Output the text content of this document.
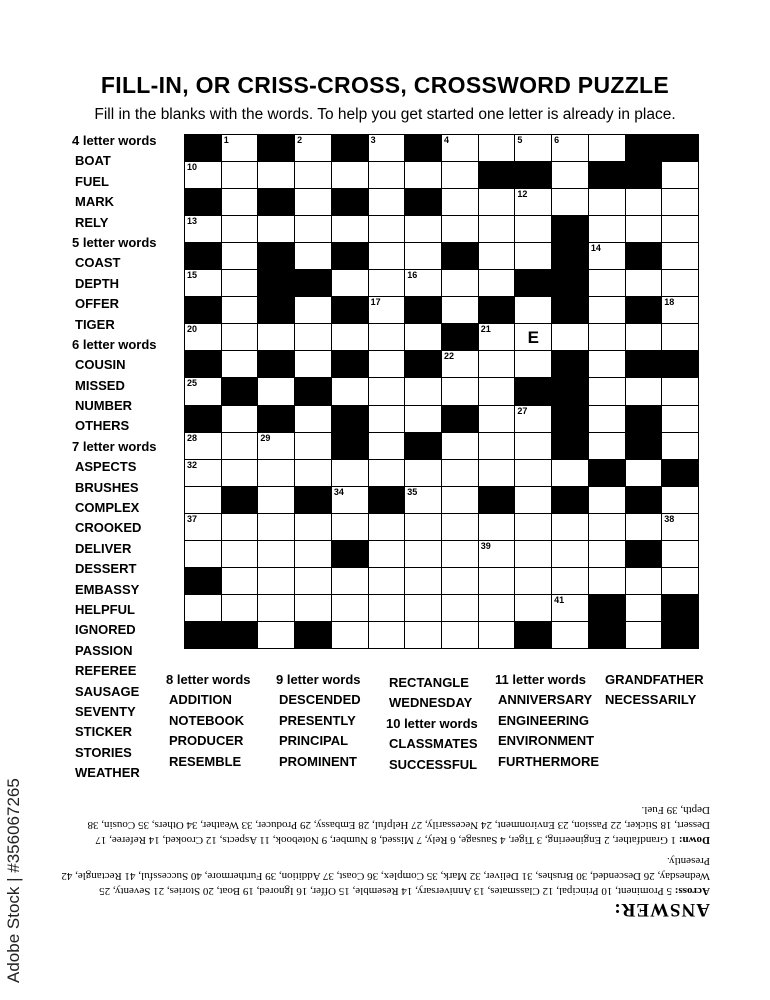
FILL-IN, OR CRISS-CROSS, CROSSWORD PUZZLE
Fill in the blanks with the words. To help you get started one letter is already in place.
1	2	3	4	5	6	7
10
12
13
14
15	16
17	18
20	21	E
22
25	26
27
28	29	30	31
32	33
34	35
37	38
39
40
41
42
4 letter words
BOAT
FUEL
MARK
RELY
5 letter words
COAST
DEPTH
OFFER
TIGER
6 letter words
COUSIN
MISSED
NUMBER
OTHERS
7 letter words
ASPECTS
BRUSHES
COMPLEX
CROOKED
DELIVER
DESSERT
EMBASSY
HELPFUL
IGNORED
PASSION
REFEREE
SAUSAGE
SEVENTY
STICKER
STORIES
WEATHER
8 letter words
ADDITION
NOTEBOOK
PRODUCER
RESEMBLE
9 letter words
DESCENDED
PRESENTLY
PRINCIPAL
PROMINENT
RECTANGLE
WEDNESDAY
10 letter words
CLASSMATES
SUCCESSFUL
11 letter words
ANNIVERSARY
ENGINEERING
ENVIRONMENT
FURTHERMORE
GRANDFATHER
NECESSARILY
ANSWER:

Across: 5 Prominent, 10 Principal, 12 Classmates, 13 Anniversary, 14 Resemble, 15 Offer, 16 Ignored, 19 Boat, 20 Stories, 21 Seventy, 25 Wednesday, 26 Descended, 30 Brushes, 31 Deliver, 32 Mark, 35 Complex, 36 Coast, 37 Addition, 39 Furthermore, 40 Successful, 41 Rectangle, 42 Presently.

Down: 1 Grandfather, 2 Engineering, 3 Tiger, 4 Sausage, 6 Rely, 7 Missed, 8 Number, 9 Notebook, 11 Aspects, 12 Crooked, 14 Referee, 17 Dessert, 18 Sticker, 22 Passion, 23 Environment, 24 Necessarily, 27 Helpful, 28 Embassy, 29 Producer, 33 Weather, 34 Others, 35 Cousin, 38 Depth, 39 Fuel.

Adobe Stock | #356067265
